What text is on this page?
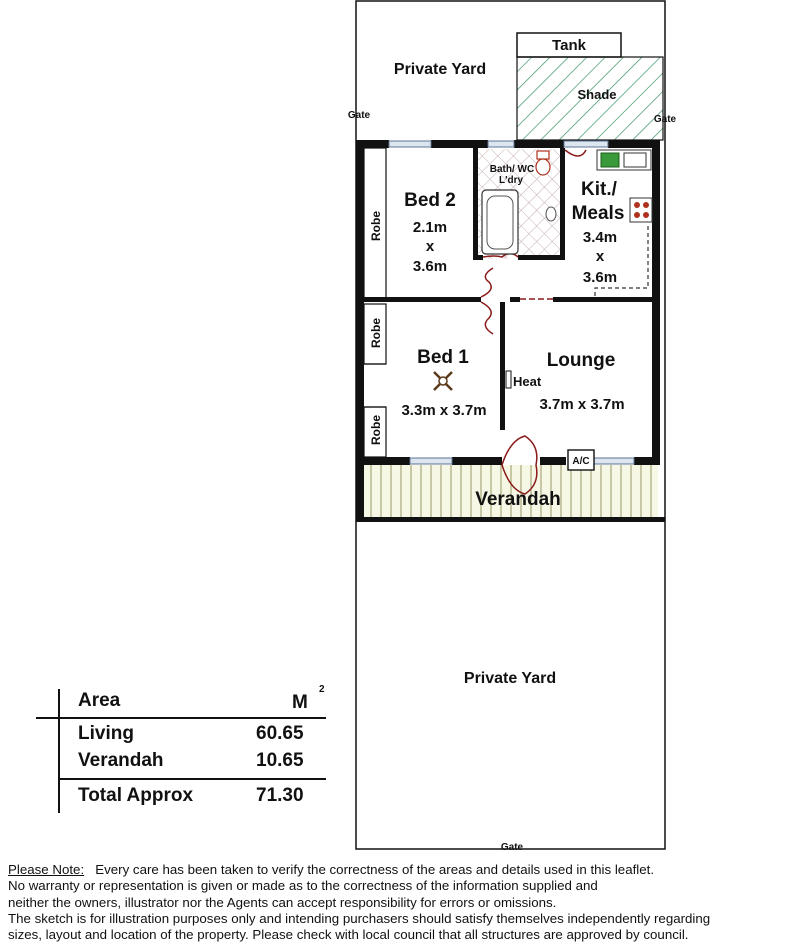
Private Yard
Tank
Shade
Gate	Gate
Gate
Bath/ WC
L'dry
Bed 2
2.1m
x
3.6m
Kit./
Meals
3.4m
x
3.6m
Robe
Robe
Robe
Bed 1
3.3m x 3.7m
Heat
Lounge
3.7m x 3.7m
A/C
Verandah
Private Yard
Area	M
2
Living	60.65
Verandah	10.65
Total Approx	71.30
Please Note: Every care has been taken to verify the correctness of the areas and details used in this leaflet.
No warranty or representation is given or made as to the correctness of the information supplied and
neither the owners, illustrator nor the Agents can accept responsibility for errors or omissions.
The sketch is for illustration purposes only and intending purchasers should satisfy themselves independently regarding
sizes, layout and location of the property. Please check with local council that all structures are approved by council.
